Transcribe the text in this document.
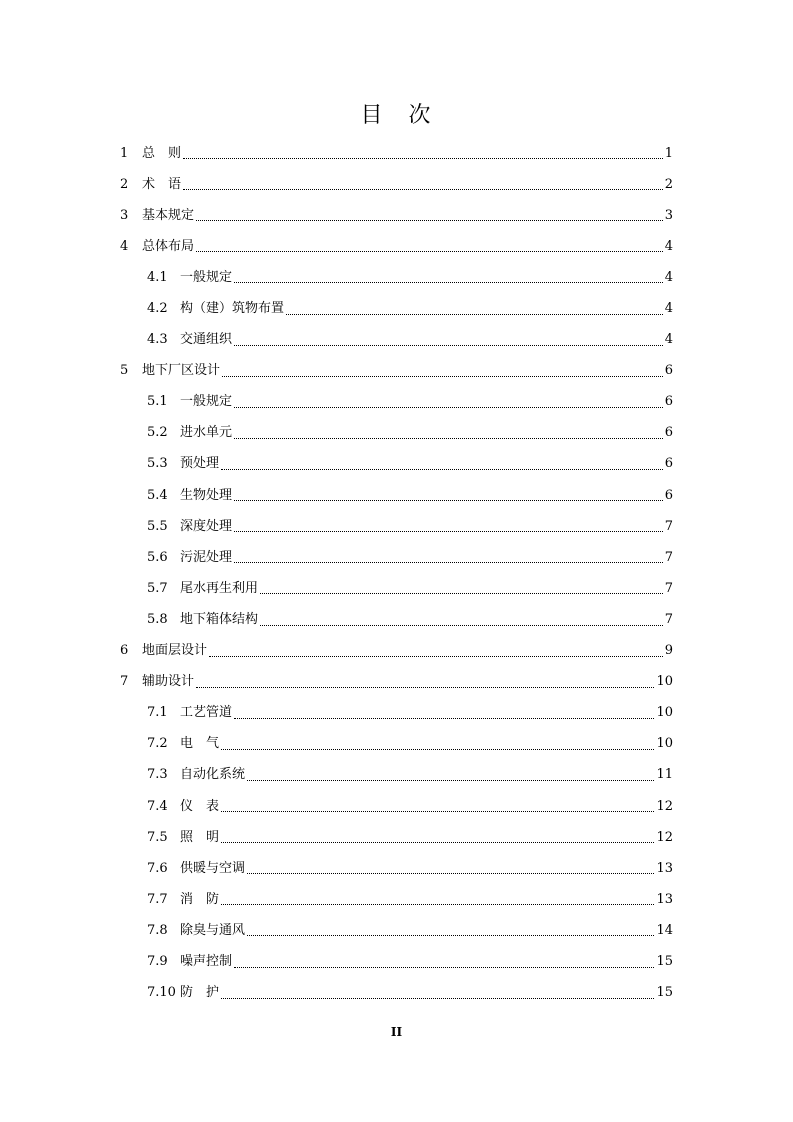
目　次
1	总　则	1
2	术　语	2
3	基本规定	3
4	总体布局	4
4.1 一般规定	4
4.2 构（建）筑物布置	4
4.3 交通组织	4
5	地下厂区设计	6
5.1 一般规定	6
5.2 进水单元	6
5.3 预处理	6
5.4 生物处理	6
5.5 深度处理	7
5.6 污泥处理	7
5.7 尾水再生利用	7
5.8 地下箱体结构	7
6	地面层设计	9
7	辅助设计	10
7.1 工艺管道	10
7.2 电　气	10
7.3 自动化系统	11
7.4 仪　表	12
7.5 照　明	12
7.6 供暖与空调	13
7.7 消　防	13
7.8 除臭与通风	14
7.9 噪声控制	15
7.10 防　护	15
II
